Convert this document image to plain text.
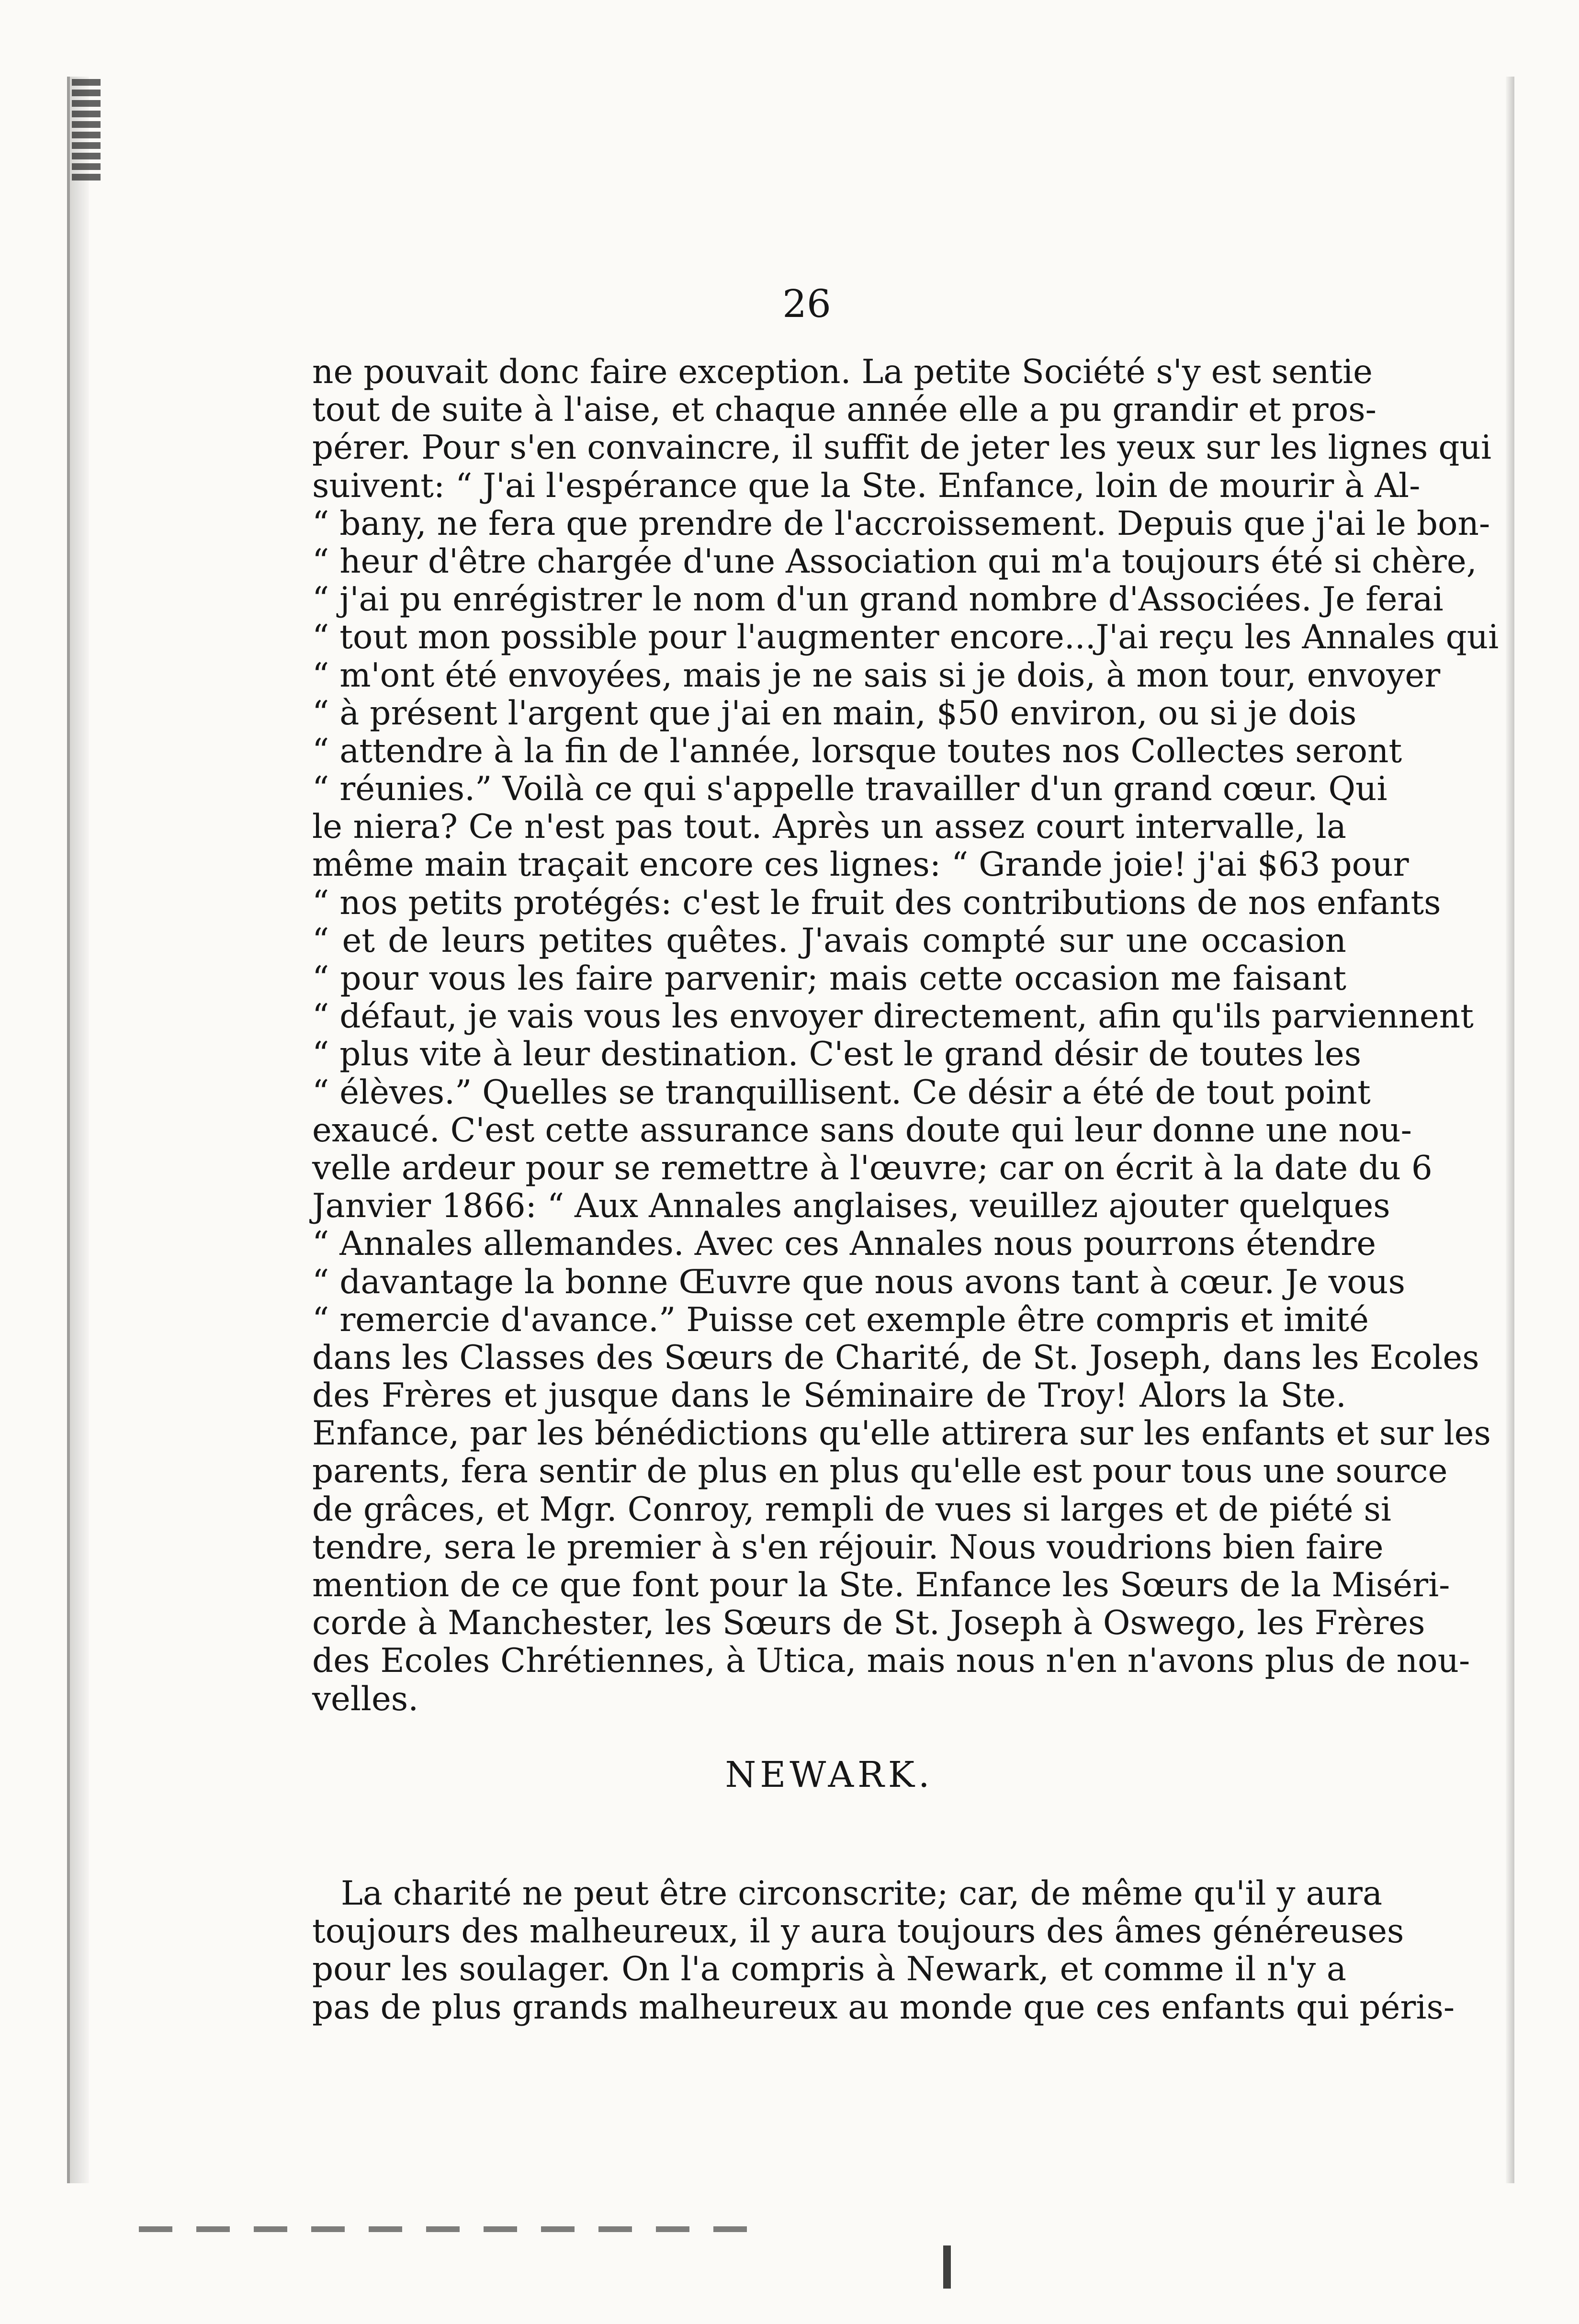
26
ne pouvait donc faire exception. La petite Société s'y est sentie
tout de suite à l'aise, et chaque année elle a pu grandir et pros-
pérer. Pour s'en convaincre, il suffit de jeter les yeux sur les lignes qui
suivent: “ J'ai l'espérance que la Ste. Enfance, loin de mourir à Al-
“ bany, ne fera que prendre de l'accroissement. Depuis que j'ai le bon-
“ heur d'être chargée d'une Association qui m'a toujours été si chère,
“ j'ai pu enrégistrer le nom d'un grand nombre d'Associées. Je ferai
“ tout mon possible pour l'augmenter encore...J'ai reçu les Annales qui
“ m'ont été envoyées, mais je ne sais si je dois, à mon tour, envoyer
“ à présent l'argent que j'ai en main, $50 environ, ou si je dois
“ attendre à la fin de l'année, lorsque toutes nos Collectes seront
“ réunies.” Voilà ce qui s'appelle travailler d'un grand cœur. Qui
le niera? Ce n'est pas tout. Après un assez court intervalle, la
même main traçait encore ces lignes: “ Grande joie! j'ai $63 pour
“ nos petits protégés: c'est le fruit des contributions de nos enfants
“ et de leurs petites quêtes. J'avais compté sur une occasion
“ pour vous les faire parvenir; mais cette occasion me faisant
“ défaut, je vais vous les envoyer directement, afin qu'ils parviennent
“ plus vite à leur destination. C'est le grand désir de toutes les
“ élèves.” Quelles se tranquillisent. Ce désir a été de tout point
exaucé. C'est cette assurance sans doute qui leur donne une nou-
velle ardeur pour se remettre à l'œuvre; car on écrit à la date du 6
Janvier 1866: “ Aux Annales anglaises, veuillez ajouter quelques
“ Annales allemandes. Avec ces Annales nous pourrons étendre
“ davantage la bonne Œuvre que nous avons tant à cœur. Je vous
“ remercie d'avance.” Puisse cet exemple être compris et imité
dans les Classes des Sœurs de Charité, de St. Joseph, dans les Ecoles
des Frères et jusque dans le Séminaire de Troy! Alors la Ste.
Enfance, par les bénédictions qu'elle attirera sur les enfants et sur les
parents, fera sentir de plus en plus qu'elle est pour tous une source
de grâces, et Mgr. Conroy, rempli de vues si larges et de piété si
tendre, sera le premier à s'en réjouir. Nous voudrions bien faire
mention de ce que font pour la Ste. Enfance les Sœurs de la Miséri-
corde à Manchester, les Sœurs de St. Joseph à Oswego, les Frères
des Ecoles Chrétiennes, à Utica, mais nous n'en n'avons plus de nou-
velles.
NEWARK.
La charité ne peut être circonscrite; car, de même qu'il y aura
toujours des malheureux, il y aura toujours des âmes généreuses
pour les soulager. On l'a compris à Newark, et comme il n'y a
pas de plus grands malheureux au monde que ces enfants qui péris-
